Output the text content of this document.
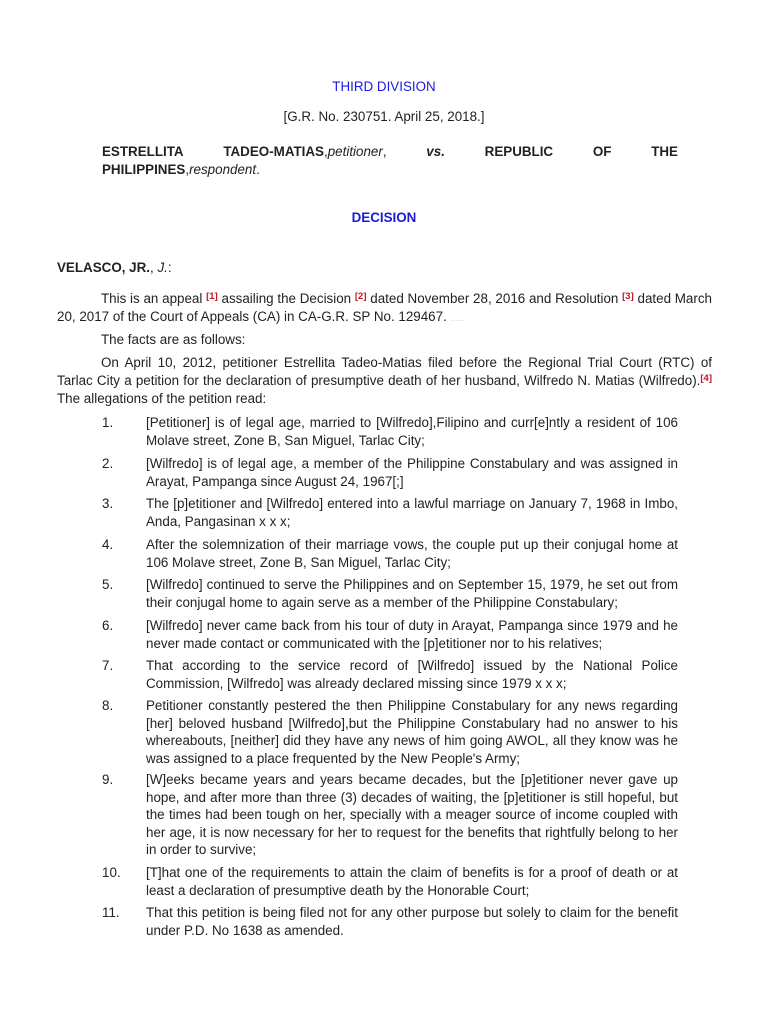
THIRD DIVISION
[G.R. No. 230751. April 25, 2018.]
ESTRELLITA	TADEO-MATIAS,petitioner,	vs.	REPUBLIC	OF	THE
PHILIPPINES,respondent.
DECISION
VELASCO, JR., J.:
This is an appeal [1] assailing the Decision [2] dated November 28, 2016 and Resolution [3] dated March 20, 2017 of the Court of Appeals (CA) in CA-G.R. SP No. 129467. ……
The facts are as follows:
On April 10, 2012, petitioner Estrellita Tadeo-Matias filed before the Regional Trial Court (RTC) of Tarlac City a petition for the declaration of presumptive death of her husband, Wilfredo N. Matias (Wilfredo).[4] The allegations of the petition read:
1. [Petitioner] is of legal age, married to [Wilfredo],Filipino and curr[e]ntly a resident of 106 Molave street, Zone B, San Miguel, Tarlac City;
2. [Wilfredo] is of legal age, a member of the Philippine Constabulary and was assigned in Arayat, Pampanga since August 24, 1967[;]
3. The [p]etitioner and [Wilfredo] entered into a lawful marriage on January 7, 1968 in Imbo, Anda, Pangasinan x x x;
4. After the solemnization of their marriage vows, the couple put up their conjugal home at 106 Molave street, Zone B, San Miguel, Tarlac City;
5. [Wilfredo] continued to serve the Philippines and on September 15, 1979, he set out from their conjugal home to again serve as a member of the Philippine Constabulary;
6. [Wilfredo] never came back from his tour of duty in Arayat, Pampanga since 1979 and he never made contact or communicated with the [p]etitioner nor to his relatives;
7. That according to the service record of [Wilfredo] issued by the National Police Commission, [Wilfredo] was already declared missing since 1979 x x x;
8. Petitioner constantly pestered the then Philippine Constabulary for any news regarding [her] beloved husband [Wilfredo],but the Philippine Constabulary had no answer to his whereabouts, [neither] did they have any news of him going AWOL, all they know was he was assigned to a place frequented by the New People's Army;
9. [W]eeks became years and years became decades, but the [p]etitioner never gave up hope, and after more than three (3) decades of waiting, the [p]etitioner is still hopeful, but the times had been tough on her, specially with a meager source of income coupled with her age, it is now necessary for her to request for the benefits that rightfully belong to her in order to survive;
10. [T]hat one of the requirements to attain the claim of benefits is for a proof of death or at least a declaration of presumptive death by the Honorable Court;
11. That this petition is being filed not for any other purpose but solely to claim for the benefit under P.D. No 1638 as amended.
